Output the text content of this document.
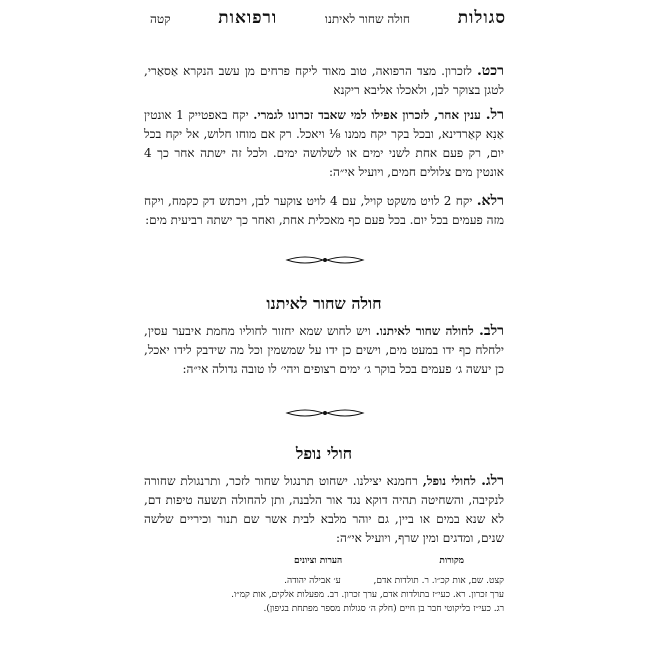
סגולות
חולה שחור לאיתנו
ורפואות
קטה
רכט. לזכרון. מצד הרפואה, טוב מאוד ליקח פרחים מן עשב הנקרא אַסאַרי, לטגן בצוקר לבן, ולאכלו אליבא ריקנא
רל. ענין אחר, לזכרון אפילו למי שאבד זכרונו לגמרי. יקח באפטייק 1 אונטין אַנִא קאַרדינא, ובכל בקר יקח ממנו ⅛ ויאכל. רק אם מוחו חלוש, אל יקח בכל יום, רק פעם אחת לשני ימים או לשלושה ימים. ולכל זה ישתה אחר כך 4 אונטין מים צלולים חמים, ויועיל אי״ה:
רלא. יקח 2 לויט משקט קויל, עם 4 לויט צוקער לבן, ויכתש דק כקמח, ויקח מזה פעמים בכל יום. בכל פעם כף מאכלית אחת, ואחר כך ישתה רביעית מים:
חולה שחור לאיתנו
רלב. לחולה שחור לאיתנו. ויש לחוש שמא יחזור לחוליו מחמת איבער עסין, ילחלח כף ידו במעט מים, וישים כן ידו על שמשמין וכל מה שידבק לידו יאכל, כן יעשה ג׳ פעמים בכל בוקר ג׳ ימים רצופים ויהי׳ לו טובה גדולה אי״ה:
חולי נופל
רלג. לחולי נופל, רחמנא יצילנו. ישחוט תרנגול שחור לזכר, ותרנגולת שחורה לנקיבה, והשחיטה תהיה דוקא נגד אור הלבנה, ותן להחולה תשעה טיפות דם, לא שנא במים או ביין, גם יוהר מלבא לבית אשר שם תנור וכיריים שלשה שנים, ומדגים ומין שרף, ויועיל אי״ה:
מקורות
הערות וציונים
קצט. שם, אות קכ״ו. ר. תולדות אדם, ע׳ אבילה יהודה.
ערך זכרון. רא. כעי״ז בתולדות אדם, ערך זכרון. רב. מפעלות אלקים, אות קמ״ו.
רג. כעי״ז בליקוטי חבר בן חיים (חלק ה׳ סגולות מספר מפתחת בגיפון).
